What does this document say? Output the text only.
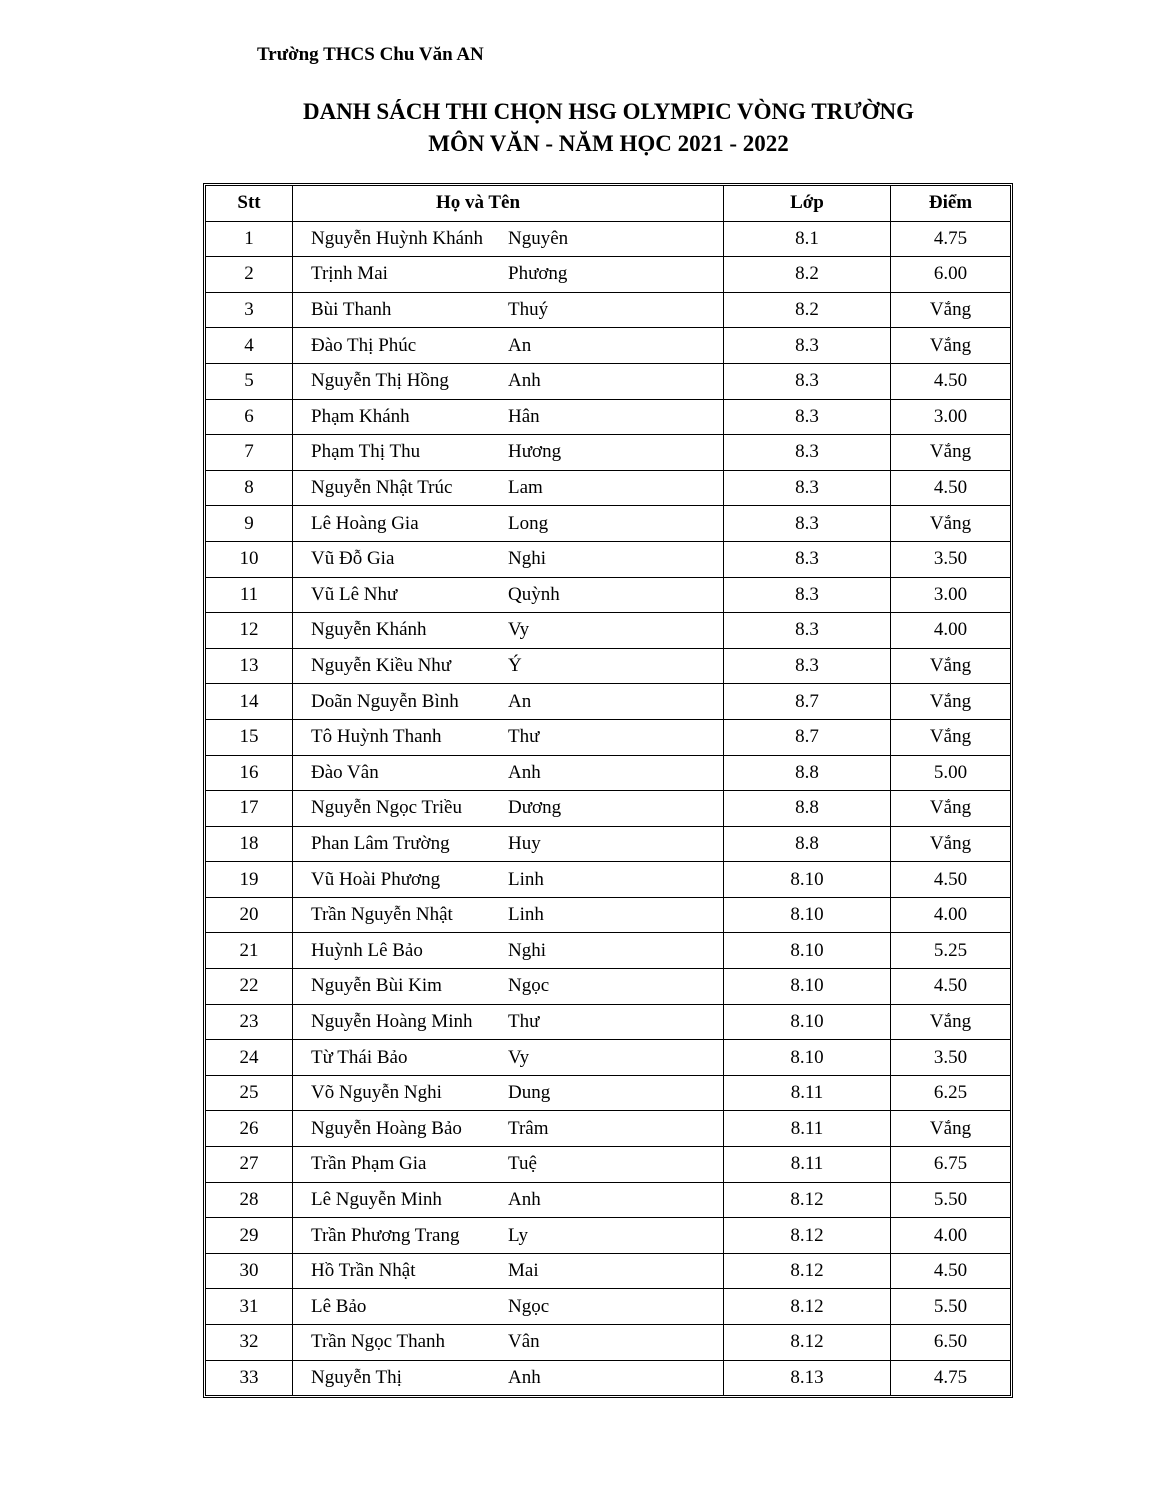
Trường THCS Chu Văn AN
DANH SÁCH THI CHỌN HSG OLYMPIC VÒNG TRƯỜNG
MÔN VĂN - NĂM HỌC 2021 - 2022
Stt	Họ và Tên		Lớp	Điểm
1	Nguyễn Huỳnh Khánh	Nguyên	8.1	4.75
2	Trịnh Mai	Phương	8.2	6.00
3	Bùi Thanh	Thuý	8.2	Vắng
4	Đào Thị Phúc	An	8.3	Vắng
5	Nguyễn Thị Hồng	Anh	8.3	4.50
6	Phạm Khánh	Hân	8.3	3.00
7	Phạm Thị Thu	Hương	8.3	Vắng
8	Nguyễn Nhật Trúc	Lam	8.3	4.50
9	Lê Hoàng Gia	Long	8.3	Vắng
10	Vũ Đỗ Gia	Nghi	8.3	3.50
11	Vũ Lê Như	Quỳnh	8.3	3.00
12	Nguyễn Khánh	Vy	8.3	4.00
13	Nguyễn Kiều Như	Ý	8.3	Vắng
14	Doãn Nguyễn Bình	An	8.7	Vắng
15	Tô Huỳnh Thanh	Thư	8.7	Vắng
16	Đào Vân	Anh	8.8	5.00
17	Nguyễn Ngọc Triều	Dương	8.8	Vắng
18	Phan Lâm Trường	Huy	8.8	Vắng
19	Vũ Hoài Phương	Linh	8.10	4.50
20	Trần Nguyễn Nhật	Linh	8.10	4.00
21	Huỳnh Lê Bảo	Nghi	8.10	5.25
22	Nguyễn Bùi Kim	Ngọc	8.10	4.50
23	Nguyễn Hoàng Minh	Thư	8.10	Vắng
24	Từ Thái Bảo	Vy	8.10	3.50
25	Võ Nguyễn Nghi	Dung	8.11	6.25
26	Nguyễn Hoàng Bảo	Trâm	8.11	Vắng
27	Trần Phạm Gia	Tuệ	8.11	6.75
28	Lê Nguyễn Minh	Anh	8.12	5.50
29	Trần Phương Trang	Ly	8.12	4.00
30	Hồ Trần Nhật	Mai	8.12	4.50
31	Lê Bảo	Ngọc	8.12	5.50
32	Trần Ngọc Thanh	Vân	8.12	6.50
33	Nguyễn Thị	Anh	8.13	4.75
